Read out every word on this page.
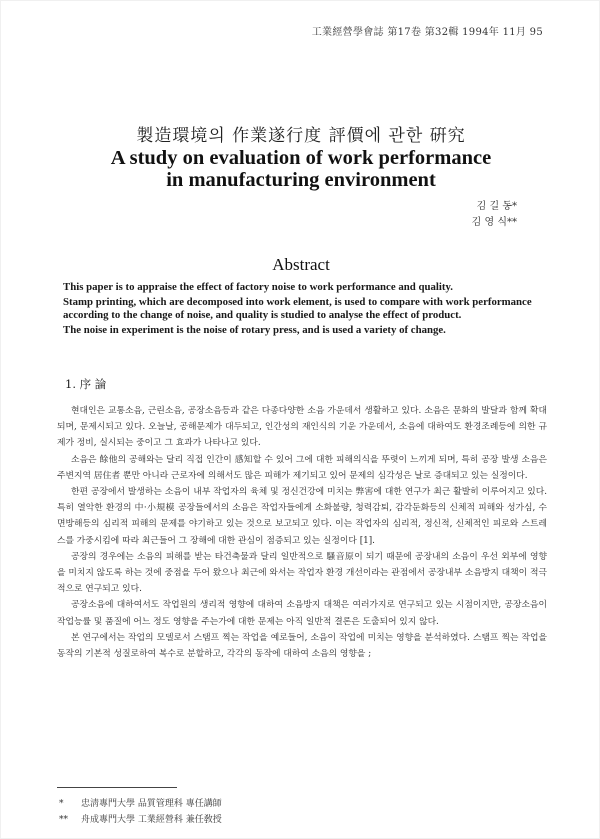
工業經營學會誌 第17卷 第32輯 1994年 11月 95
製造環境의 作業遂行度 評價에 관한 硏究
A study on evaluation of work performance
in manufacturing environment
김 길 동*
김 영 식**
Abstract

This paper is to appraise the effect of factory noise to work performance and quality.

Stamp printing, which are decomposed into work element, is used to compare with work performance according to the change of noise, and quality is studied to analyse the effect of product.

The noise in experiment is the noise of rotary press, and is used a variety of change.

1. 序 論

현대인은 교통소음, 근린소음, 공장소음등과 같은 다종다양한 소음 가운데서 생활하고 있다. 소음은 문화의 발달과 함께 확대되며, 문제시되고 있다. 오늘날, 공해문제가 대두되고, 인간성의 재인식의 기운 가운데서, 소음에 대하여도 환경조례등에 의한 규제가 정비, 실시되는 중이고 그 효과가 나타나고 있다.

소음은 餘他의 공해와는 달리 직접 인간이 感知할 수 있어 그에 대한 피해의식을 뚜렷이 느끼게 되며, 특히 공장 발생 소음은 주변지역 居住者 뿐만 아니라 근로자에 의해서도 많은 피해가 제기되고 있어 문제의 심각성은 날로 증대되고 있는 실정이다.

한편 공장에서 발생하는 소음이 내부 작업자의 육체 및 정신건강에 미치는 弊害에 대한 연구가 최근 활발히 이루어지고 있다. 특히 열악한 환경의 中·小規模 공장들에서의 소음은 작업자들에게 소화불량, 청력감퇴, 감각둔화등의 신체적 피해와 성가심, 수면방해등의 심리적 피해의 문제를 야기하고 있는 것으로 보고되고 있다. 이는 작업자의 심리적, 정신적, 신체적인 피로와 스트레스를 가중시킴에 따라 최근들어 그 장해에 대한 관심이 점증되고 있는 실정이다 [1].

공장의 경우에는 소음의 피해를 받는 타건축물과 달리 일반적으로 騷音原이 되기 때문에 공장내의 소음이 우선 외부에 영향을 미치지 않도록 하는 것에 중점을 두어 왔으나 최근에 와서는 작업자 환경 개선이라는 관점에서 공장내부 소음방지 대책이 적극적으로 연구되고 있다.

공장소음에 대하여서도 작업원의 생리적 영향에 대하여 소음방지 대책은 여러가지로 연구되고 있는 시점이지만, 공장소음이 작업능률 및 품질에 어느 정도 영향을 주는가에 대한 문제는 아직 일반적 결론은 도출되어 있지 않다.

본 연구에서는 작업의 모델로서 스탬프 찍는 작업을 예로들어, 소음이 작업에 미치는 영향을 분석하였다. 스탬프 찍는 작업을 동작의 기본적 성질로하여 복수로 분할하고, 각각의 동작에 대하여 소음의 영향을 ;

* 忠淸專門大學 品質管理科 專任講師
** 舟成專門大學 工業經營科 兼任敎授
